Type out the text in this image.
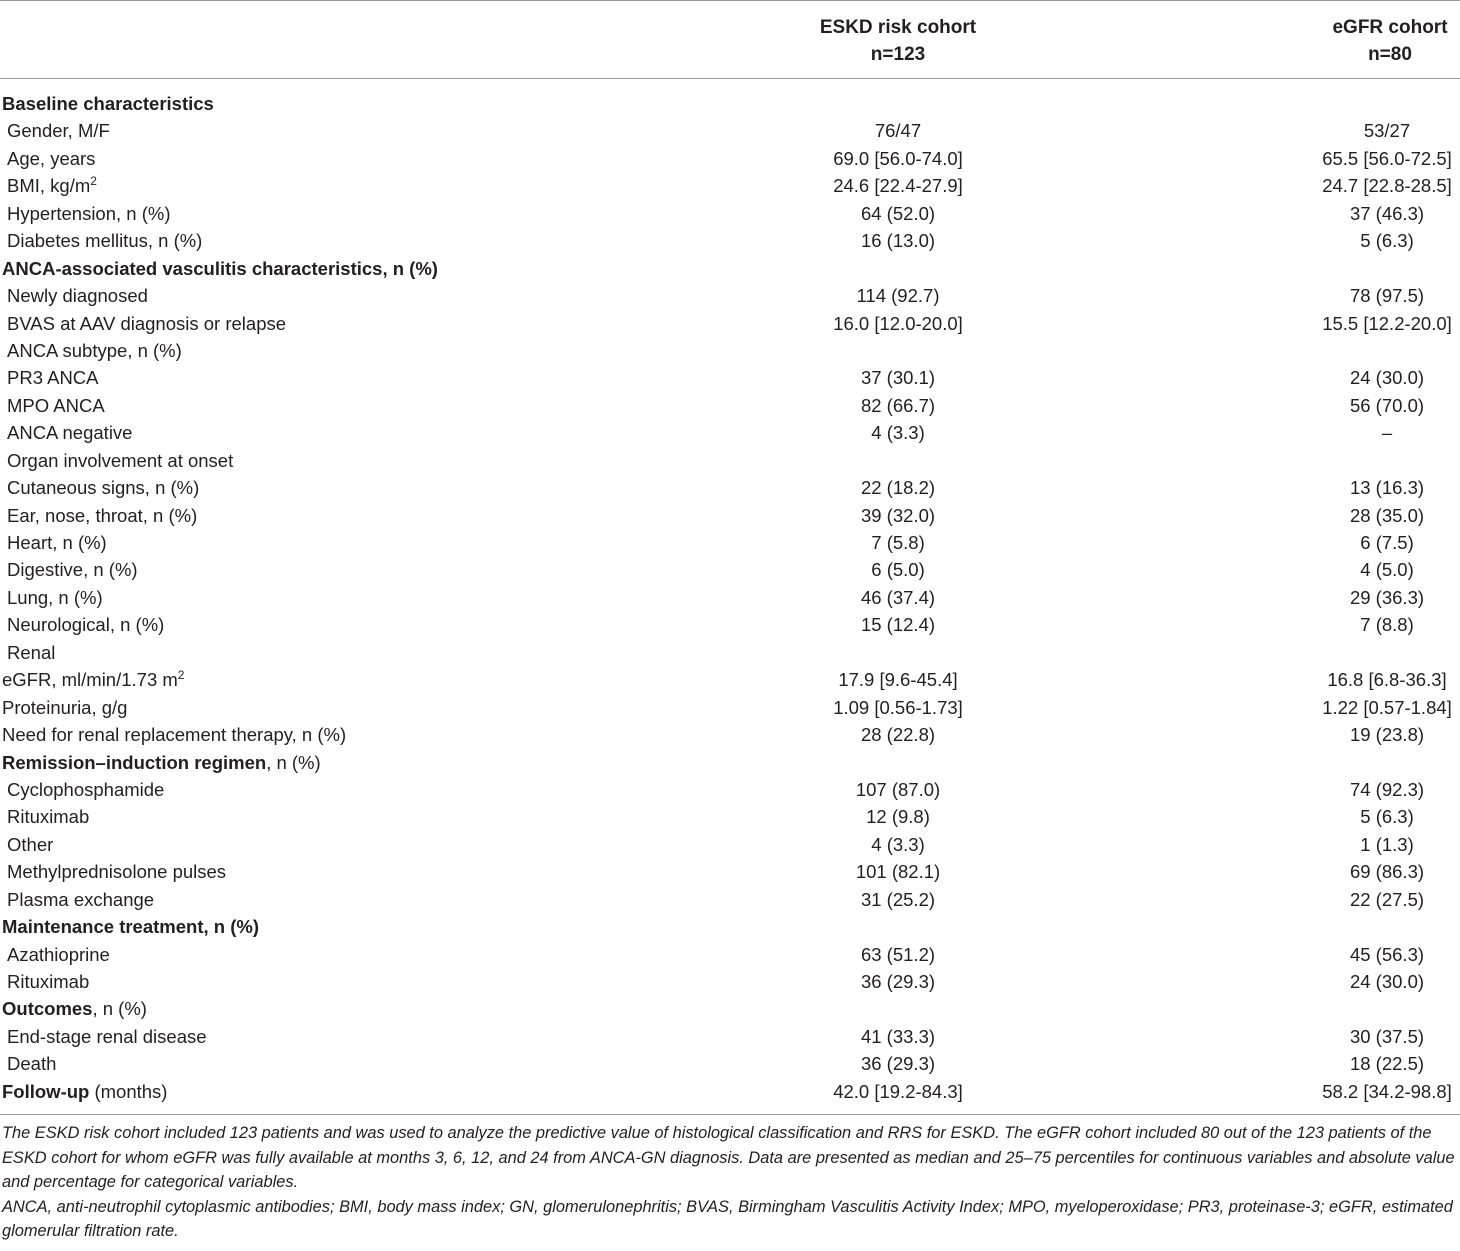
ESKD risk cohort
n=123
eGFR cohort
n=80
Baseline characteristics
Gender, M/F	76/47	53/27
Age, years	69.0 [56.0-74.0]	65.5 [56.0-72.5]
BMI, $kg/m^2$	24.6 [22.4-27.9]	24.7 [22.8-28.5]
Hypertension, n (%)	64 (52.0)	37 (46.3)
Diabetes mellitus, n (%)	16 (13.0)	5 (6.3)
ANCA-associated vasculitis characteristics, n (%)
Newly diagnosed	114 (92.7)	78 (97.5)
BVAS at AAV diagnosis or relapse	16.0 [12.0-20.0]	15.5 [12.2-20.0]
ANCA subtype, n (%)
PR3 ANCA	37 (30.1)	24 (30.0)
MPO ANCA	82 (66.7)	56 (70.0)
ANCA negative	4 (3.3)	–
Organ involvement at onset
Cutaneous signs, n (%)	22 (18.2)	13 (16.3)
Ear, nose, throat, n (%)	39 (32.0)	28 (35.0)
Heart, n (%)	7 (5.8)	6 (7.5)
Digestive, n (%)	6 (5.0)	4 (5.0)
Lung, n (%)	46 (37.4)	29 (36.3)
Neurological, n (%)	15 (12.4)	7 (8.8)
Renal
eGFR, ml/min/1.73 $m^2$	17.9 [9.6-45.4]	16.8 [6.8-36.3]
Proteinuria, g/g	1.09 [0.56-1.73]	1.22 [0.57-1.84]
Need for renal replacement therapy, n (%)	28 (22.8)	19 (23.8)
Remission–induction regimen, n (%)
Cyclophosphamide	107 (87.0)	74 (92.3)
Rituximab	12 (9.8)	5 (6.3)
Other	4 (3.3)	1 (1.3)
Methylprednisolone pulses	101 (82.1)	69 (86.3)
Plasma exchange	31 (25.2)	22 (27.5)
Maintenance treatment, n (%)
Azathioprine	63 (51.2)	45 (56.3)
Rituximab	36 (29.3)	24 (30.0)
Outcomes, n (%)
End-stage renal disease	41 (33.3)	30 (37.5)
Death	36 (29.3)	18 (22.5)
Follow-up (months)	42.0 [19.2-84.3]	58.2 [34.2-98.8]

The ESKD risk cohort included 123 patients and was used to analyze the predictive value of histological classification and RRS for ESKD. The eGFR cohort included 80 out of the 123 patients of the ESKD cohort for whom eGFR was fully available at months 3, 6, 12, and 24 from ANCA-GN diagnosis. Data are presented as median and 25–75 percentiles for continuous variables and absolute value and percentage for categorical variables.

ANCA, anti-neutrophil cytoplasmic antibodies; BMI, body mass index; GN, glomerulonephritis; BVAS, Birmingham Vasculitis Activity Index; MPO, myeloperoxidase; PR3, proteinase-3; eGFR, estimated glomerular filtration rate.
